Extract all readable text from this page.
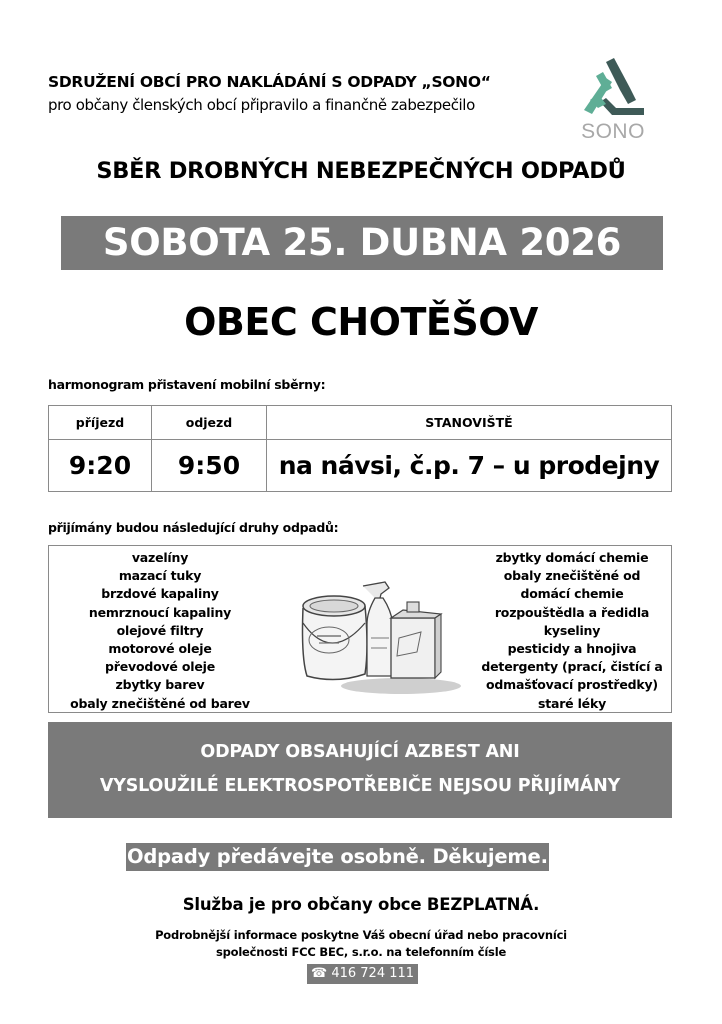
SDRUŽENÍ OBCÍ PRO NAKLÁDÁNÍ S ODPADY „SONO“
pro občany členských obcí připravilo a finančně zabezpečilo
SONO
SBĚR DROBNÝCH NEBEZPEČNÝCH ODPADŮ
SOBOTA 25. DUBNA 2026
OBEC CHOTĚŠOV
harmonogram přistavení mobilní sběrny:
příjezd	odjezd	STANOVIŠTĚ
9:20	9:50	na návsi, č.p. 7 – u prodejny
přijímány budou následující druhy odpadů:
vazelíny
mazací tuky
brzdové kapaliny
nemrznoucí kapaliny
olejové filtry
motorové oleje
převodové oleje
zbytky barev
obaly znečištěné od barev
zbytky domácí chemie
obaly znečištěné od
domácí chemie
rozpouštědla a ředidla
kyseliny
pesticidy a hnojiva
detergenty (prací, čistící a
odmašťovací prostředky)
staré léky
ODPADY OBSAHUJÍCÍ AZBEST ANI
VYSLOUŽILÉ ELEKTROSPOTŘEBIČE NEJSOU PŘIJÍMÁNY
Odpady předávejte osobně. Děkujeme.
Služba je pro občany obce BEZPLATNÁ.
Podrobnější informace poskytne Váš obecní úřad nebo pracovníci
společnosti FCC BEC, s.r.o. na telefonním čísle
☎ 416 724 111
